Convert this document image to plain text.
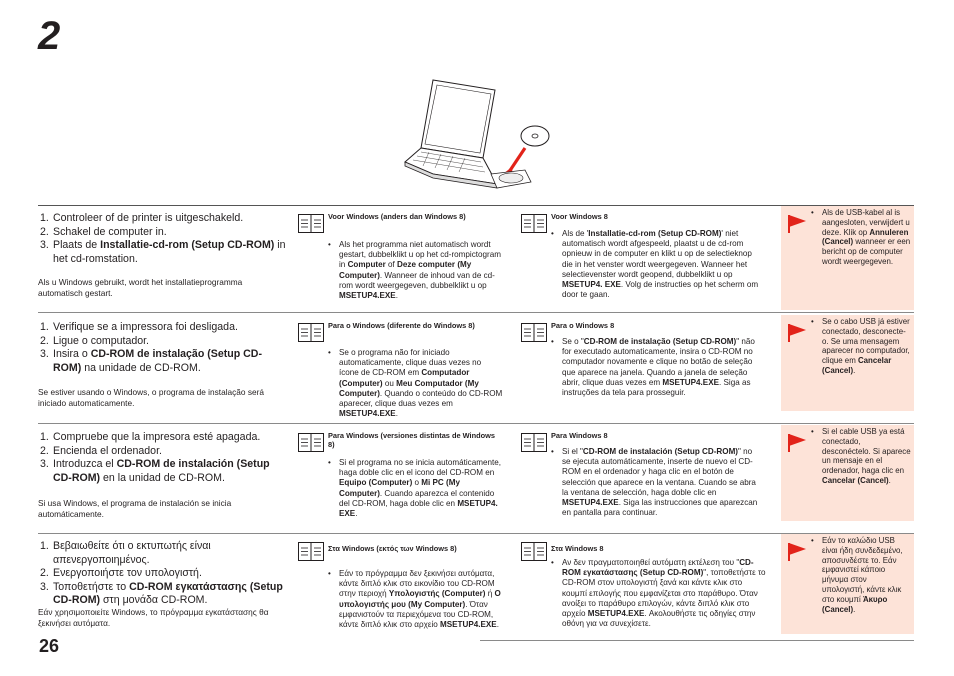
2
1. Controleer of de printer is uitgeschakeld.
2. Schakel de computer in.
3. Plaats de Installatie-cd-rom (Setup CD-ROM) in het cd-romstation.
Als u Windows gebruikt, wordt het installatieprogramma automatisch gestart.
Voor Windows (anders dan Windows 8)
•	Als het programma niet automatisch wordt gestart, dubbelklikt u op het cd-rompictogram in Computer of Deze computer (My Computer). Wanneer de inhoud van de cd-rom wordt weergegeven, dubbelklikt u op MSETUP4.EXE.
Voor Windows 8
•	Als de 'Installatie-cd-rom (Setup CD-ROM)' niet automatisch wordt afgespeeld, plaatst u de cd-rom opnieuw in de computer en klikt u op de selectieknop die in het venster wordt weergegeven. Wanneer het selectievenster wordt geopend, dubbelklikt u op MSETUP4. EXE. Volg de instructies op het scherm om door te gaan.
•	Als de USB-kabel al is aangesloten, verwijdert u deze. Klik op Annuleren (Cancel) wanneer er een bericht op de computer wordt weergegeven.
1. Verifique se a impressora foi desligada.
2. Ligue o computador.
3. Insira o CD-ROM de instalação (Setup CD-ROM) na unidade de CD-ROM.
Se estiver usando o Windows, o programa de instalação será iniciado automaticamente.
Para o Windows (diferente do Windows 8)
•	Se o programa não for iniciado automaticamente, clique duas vezes no ícone de CD-ROM em Computador (Computer) ou Meu Computador (My Computer). Quando o conteúdo do CD-ROM aparecer, clique duas vezes em MSETUP4.EXE.
Para o Windows 8
•	Se o "CD-ROM de instalação (Setup CD-ROM)" não for executado automaticamente, insira o CD-ROM no computador novamente e clique no botão de seleção que aparece na janela. Quando a janela de seleção abrir, clique duas vezes em MSETUP4.EXE. Siga as instruções da tela para prosseguir.
•	Se o cabo USB já estiver conectado, desconecte-o. Se uma mensagem aparecer no computador, clique em Cancelar (Cancel).
1. Compruebe que la impresora esté apagada.
2. Encienda el ordenador.
3. Introduzca el CD-ROM de instalación (Setup CD-ROM) en la unidad de CD-ROM.
Si usa Windows, el programa de instalación se inicia automáticamente.
Para Windows (versiones distintas de Windows 8)
•	Si el programa no se inicia automáticamente, haga doble clic en el icono del CD-ROM en Equipo (Computer) o Mi PC (My Computer). Cuando aparezca el contenido del CD-ROM, haga doble clic en MSETUP4. EXE.
Para Windows 8
•	Si el "CD-ROM de instalación (Setup CD-ROM)" no se ejecuta automáticamente, inserte de nuevo el CD-ROM en el ordenador y haga clic en el botón de selección que aparece en la ventana. Cuando se abra la ventana de selección, haga doble clic en MSETUP4.EXE. Siga las instrucciones que aparezcan en pantalla para continuar.
•	Si el cable USB ya está conectado, desconéctelo. Si aparece un mensaje en el ordenador, haga clic en Cancelar (Cancel).
1. Βεβαιωθείτε ότι ο εκτυπωτής είναι απενεργοποιημένος.
2. Ενεργοποιήστε τον υπολογιστή.
3. Τοποθετήστε το CD-ROM εγκατάστασης (Setup CD-ROM) στη μονάδα CD-ROM.
Εάν χρησιμοποιείτε Windows, το πρόγραμμα εγκατάστασης θα ξεκινήσει αυτόματα.
Στα Windows (εκτός των Windows 8)
•	Εάν το πρόγραμμα δεν ξεκινήσει αυτόματα, κάντε διπλό κλικ στο εικονίδιο του CD-ROM στην περιοχή Υπολογιστής (Computer) ή Ο υπολογιστής μου (My Computer). Όταν εμφανιστούν τα περιεχόμενα του CD-ROM, κάντε διπλό κλικ στο αρχείο MSETUP4.EXE.
Στα Windows 8
•	Αν δεν πραγματοποιηθεί αυτόματη εκτέλεση του "CD-ROM εγκατάστασης (Setup CD-ROM)", τοποθετήστε το CD-ROM στον υπολογιστή ξανά και κάντε κλικ στο κουμπί επιλογής που εμφανίζεται στο παράθυρο. Όταν ανοίξει το παράθυρο επιλογών, κάντε διπλό κλικ στο αρχείο MSETUP4.EXE. Ακολουθήστε τις οδηγίες στην οθόνη για να συνεχίσετε.
•	Εάν το καλώδιο USB είναι ήδη συνδεδεμένο, αποσυνδέστε το. Εάν εμφανιστεί κάποιο μήνυμα στον υπολογιστή, κάντε κλικ στο κουμπί Άκυρο (Cancel).
26
